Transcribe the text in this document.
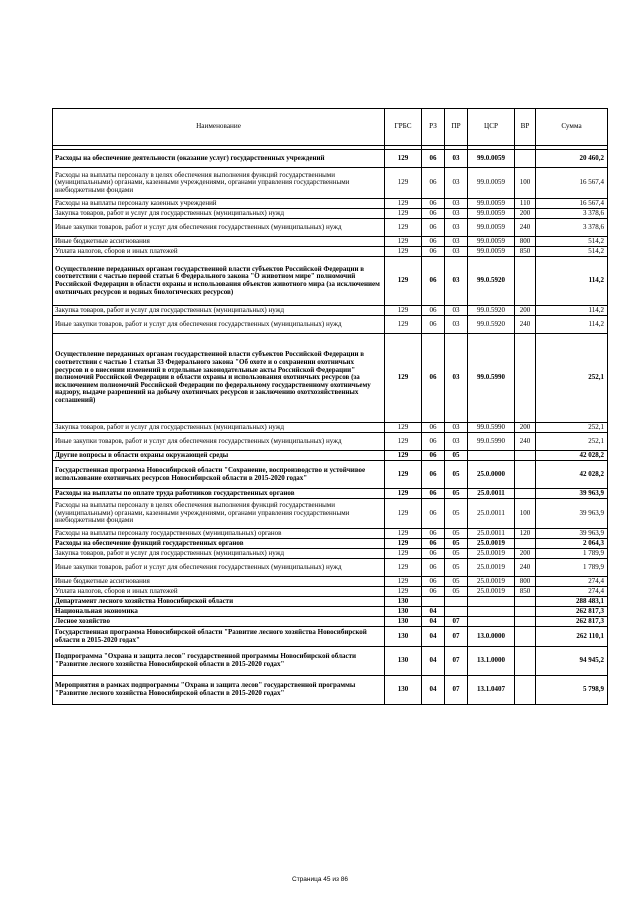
Наименование	ГРБС	РЗ	ПР	ЦСР	ВР	Сумма

Расходы на обеспечение деятельности (оказание услуг) государственных учреждений	129	06	03	99.0.0059		20 460,2
Расходы на выплаты персоналу в целях обеспечения выполнения функций государственными (муниципальными) органами, казенными учреждениями, органами управления государственными внебюджетными фондами	129	06	03	99.0.0059	100	16 567,4
Расходы на выплаты персоналу казенных учреждений	129	06	03	99.0.0059	110	16 567,4
Закупка товаров, работ и услуг для государственных (муниципальных) нужд	129	06	03	99.0.0059	200	3 378,6
Иные закупки товаров, работ и услуг для обеспечения государственных (муниципальных) нужд	129	06	03	99.0.0059	240	3 378,6
Иные бюджетные ассигнования	129	06	03	99.0.0059	800	514,2
Уплата налогов, сборов и иных платежей	129	06	03	99.0.0059	850	514,2
Осуществление переданных органам государственной власти субъектов Российской Федерации в соответствии с частью первой статьи 6 Федерального закона "О животном мире" полномочий Российской Федерации в области охраны и использования объектов животного мира (за исключением охотничьих ресурсов и водных биологических ресурсов)	129	06	03	99.0.5920		114,2
Закупка товаров, работ и услуг для государственных (муниципальных) нужд	129	06	03	99.0.5920	200	114,2
Иные закупки товаров, работ и услуг для обеспечения государственных (муниципальных) нужд	129	06	03	99.0.5920	240	114,2
Осуществление переданных органам государственной власти субъектов Российской Федерации в соответствии с частью 1 статьи 33 Федерального закона "Об охоте и о сохранении охотничьих ресурсов и о внесении изменений в отдельные законодательные акты Российской Федерации" полномочий Российской Федерации в области охраны и использования охотничьих ресурсов (за исключением полномочий Российской Федерации по федеральному государственному охотничьему надзору, выдаче разрешений на добычу охотничьих ресурсов и заключению охотхозяйственных соглашений)	129	06	03	99.0.5990		252,1
Закупка товаров, работ и услуг для государственных (муниципальных) нужд	129	06	03	99.0.5990	200	252,1
Иные закупки товаров, работ и услуг для обеспечения государственных (муниципальных) нужд	129	06	03	99.0.5990	240	252,1
Другие вопросы в области охраны окружающей среды	129	06	05			42 028,2
Государственная программа Новосибирской области "Сохранение, воспроизводство и устойчивое использование охотничьих ресурсов Новосибирской области в 2015-2020 годах"	129	06	05	25.0.0000		42 028,2
Расходы на выплаты по оплате труда работников государственных органов	129	06	05	25.0.0011		39 963,9
Расходы на выплаты персоналу в целях обеспечения выполнения функций государственными (муниципальными) органами, казенными учреждениями, органами управления государственными внебюджетными фондами	129	06	05	25.0.0011	100	39 963,9
Расходы на выплаты персоналу государственных (муниципальных) органов	129	06	05	25.0.0011	120	39 963,9
Расходы на обеспечение функций государственных органов	129	06	05	25.0.0019		2 064,3
Закупка товаров, работ и услуг для государственных (муниципальных) нужд	129	06	05	25.0.0019	200	1 789,9
Иные закупки товаров, работ и услуг для обеспечения государственных (муниципальных) нужд	129	06	05	25.0.0019	240	1 789,9
Иные бюджетные ассигнования	129	06	05	25.0.0019	800	274,4
Уплата налогов, сборов и иных платежей	129	06	05	25.0.0019	850	274,4
Департамент лесного хозяйства Новосибирской области	130					288 483,1
Национальная экономика	130	04				262 817,3
Лесное хозяйство	130	04	07			262 817,3
Государственная программа Новосибирской области "Развитие лесного хозяйства Новосибирской области в 2015-2020 годах"	130	04	07	13.0.0000		262 110,1
Подпрограмма "Охрана и защита лесов" государственной программы Новосибирской области "Развитие лесного хозяйства Новосибирской области в 2015-2020 годах"	130	04	07	13.1.0000		94 945,2
Мероприятия в рамках подпрограммы "Охрана и защита лесов" государственной программы "Развитие лесного хозяйства Новосибирской области в 2015-2020 годах"	130	04	07	13.1.0407		5 798,9
Страница 45 из 86
